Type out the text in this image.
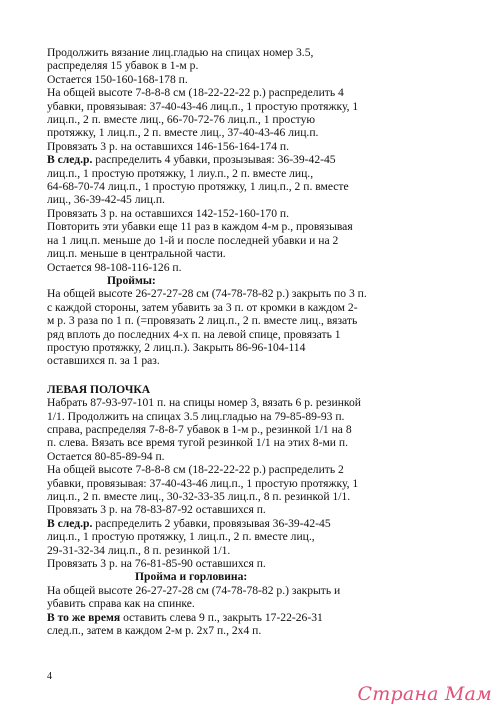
Продолжить вязание лиц.гладью на спицах номер 3.5,

распределяя 15 убавок в 1-м р.

Остается 150-160-168-178 п.

На общей высоте 7-8-8-8 см (18-22-22-22 р.) распределить 4

убавки, провязывая: 37-40-43-46 лиц.п., 1 простую протяжку, 1

лиц.п., 2 п. вместе лиц., 66-70-72-76 лиц.п., 1 простую

протяжку, 1 лиц.п., 2 п. вместе лиц., 37-40-43-46 лиц.п.

Провязать 3 р. на оставшихся 146-156-164-174 п.

В след.р. распределить 4 убавки, прозызывая: 36-39-42-45

лиц.п., 1 простую протяжку, 1 лиу.п., 2 п. вместе лиц.,

64-68-70-74 лиц.п., 1 простую протяжку, 1 лиц.п., 2 п. вместе

лиц., 36-39-42-45 лиц.п.

Провязать 3 р. на оставшихся 142-152-160-170 п.

Повторить эти убавки еще 11 раз в каждом 4-м р., провязывая

на 1 лиц.п. меньше до 1-й и после последней убавки и на 2

лиц.п. меньше в центральной части.

Остается 98-108-116-126 п.

Проймы:

На общей высоте 26-27-27-28 см (74-78-78-82 р.) закрыть по 3 п.

с каждой стороны, затем убавить за 3 п. от кромки в каждом 2-

м р. 3 раза по 1 п. (=провязать 2 лиц.п., 2 п. вместе лиц., вязать

ряд вплоть до последних 4-х п. на левой спице, провязать 1

простую протяжку, 2 лиц.п.). Закрыть 86-96-104-114

оставшихся п. за 1 раз.

ЛЕВАЯ ПОЛОЧКА

Набрать 87-93-97-101 п. на спицы номер 3, вязать 6 р. резинкой

1/1. Продолжить на спицах 3.5 лиц.гладью на 79-85-89-93 п.

справа, распределяя 7-8-8-7 убавок в 1-м р., резинкой 1/1 на 8

п. слева. Вязать все время тугой резинкой 1/1 на этих 8-ми п.

Остается 80-85-89-94 п.

На общей высоте 7-8-8-8 см (18-22-22-22 р.) распределить 2

убавки, провязывая: 37-40-43-46 лиц.п., 1 простую протяжку, 1

лиц.п., 2 п. вместе лиц., 30-32-33-35 лиц.п., 8 п. резинкой 1/1.

Провязать 3 р. на 78-83-87-92 оставшихся п.

В след.р. распределить 2 убавки, провязывая 36-39-42-45

лиц.п., 1 простую протяжку, 1 лиц.п., 2 п. вместе лиц.,

29-31-32-34 лиц.п., 8 п. резинкой 1/1.

Провязать 3 р. на 76-81-85-90 оставшихся п.

Пройма и горловина:

На общей высоте 26-27-27-28 см (74-78-78-82 р.) закрыть и

убавить справа как на спинке.

В то же время оставить слева 9 п., закрыть 17-22-26-31

след.п., затем в каждом 2-м р. 2х7 п., 2х4 п.

4
Страна Мам
